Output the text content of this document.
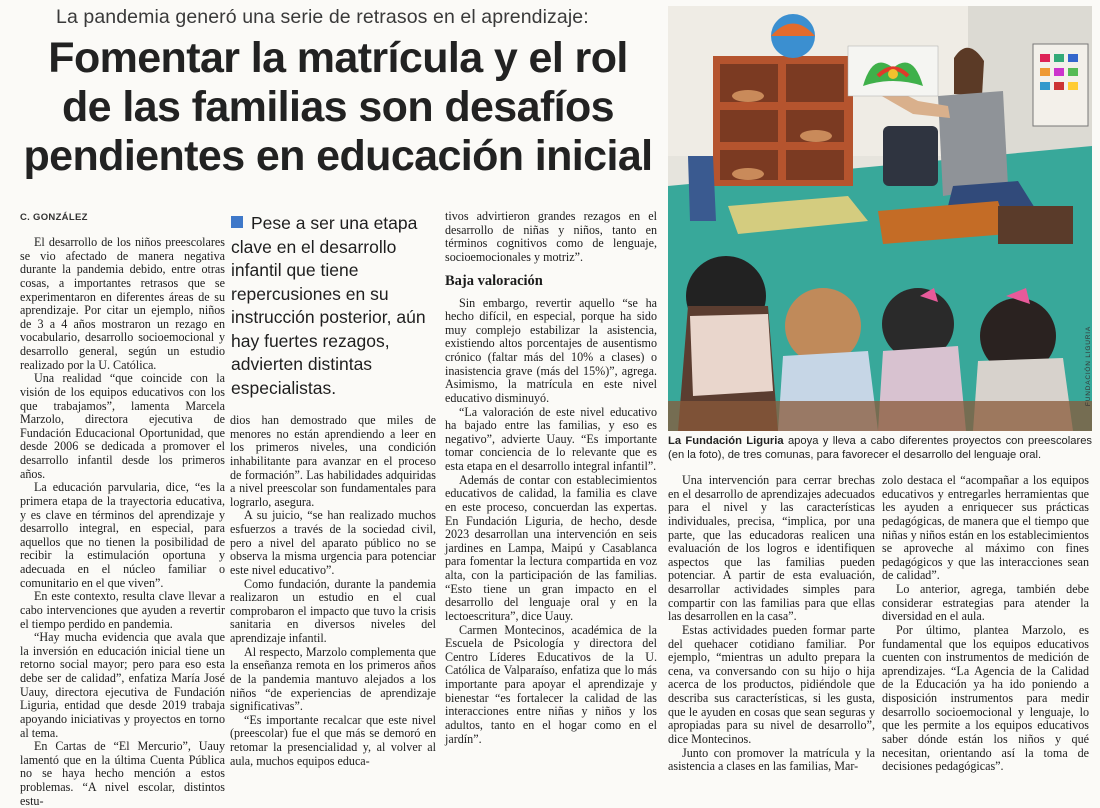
La pandemia generó una serie de retrasos en el aprendizaje:
Fomentar la matrícula y el rol
de las familias son desafíos
pendientes en educación inicial
C. GONZÁLEZ

El desarrollo de los niños preescolares se vio afectado de manera negativa durante la pandemia debido, entre otras cosas, a importantes retrasos que se experimentaron en diferentes áreas de su aprendizaje. Por citar un ejemplo, niños de 3 a 4 años mostraron un rezago en vocabulario, desarrollo socioemocional y desarrollo general, según un estudio realizado por la U. Católica.

Una realidad “que coincide con la visión de los equipos educativos con los que trabajamos”, lamenta Marcela Marzolo, directora ejecutiva de Fundación Educacional Oportunidad, que desde 2006 se dedicada a promover el desarrollo infantil desde los primeros años.

La educación parvularia, dice, “es la primera etapa de la trayectoria educativa, y es clave en términos del aprendizaje y desarrollo integral, en especial, para aquellos que no tienen la posibilidad de recibir la estimulación oportuna y adecuada en el núcleo familiar o comunitario en el que viven”.

En este contexto, resulta clave llevar a cabo intervenciones que ayuden a revertir el tiempo perdido en pandemia.

“Hay mucha evidencia que avala que la inversión en educación inicial tiene un retorno social mayor; pero para eso esta debe ser de calidad”, enfatiza María José Uauy, directora ejecutiva de Fundación Liguria, entidad que desde 2019 trabaja apoyando iniciativas y proyectos en torno al tema.

En Cartas de “El Mercurio”, Uauy lamentó que en la última Cuenta Pública no se haya hecho mención a estos problemas. “A nivel escolar, distintos estu-

Pese a ser una etapa clave en el desarrollo infantil que tiene repercusiones en su instrucción posterior, aún hay fuertes rezagos, advierten distintas especialistas.

dios han demostrado que miles de menores no están aprendiendo a leer en los primeros niveles, una condición inhabilitante para avanzar en el proceso de formación”. Las habilidades adquiridas a nivel preescolar son fundamentales para lograrlo, asegura.

A su juicio, “se han realizado muchos esfuerzos a través de la sociedad civil, pero a nivel del aparato público no se observa la misma urgencia para potenciar este nivel educativo”.

Como fundación, durante la pandemia realizaron un estudio en el cual comprobaron el impacto que tuvo la crisis sanitaria en diversos niveles del aprendizaje infantil.

Al respecto, Marzolo complementa que la enseñanza remota en los primeros años de la pandemia mantuvo alejados a los niños “de experiencias de aprendizaje significativas”.

“Es importante recalcar que este nivel (preescolar) fue el que más se demoró en retomar la presencialidad y, al volver al aula, muchos equipos educa-

tivos advirtieron grandes rezagos en el desarrollo de niñas y niños, tanto en términos cognitivos como de lenguaje, socioemocionales y motriz”.

Baja valoración

Sin embargo, revertir aquello “se ha hecho difícil, en especial, porque ha sido muy complejo estabilizar la asistencia, existiendo altos porcentajes de ausentismo crónico (faltar más del 10% a clases) o inasistencia grave (más del 15%)”, agrega. Asimismo, la matrícula en este nivel educativo disminuyó.

“La valoración de este nivel educativo ha bajado entre las familias, y eso es negativo”, advierte Uauy. “Es importante tomar conciencia de lo relevante que es esta etapa en el desarrollo integral infantil”.

Además de contar con establecimientos educativos de calidad, la familia es clave en este proceso, concuerdan las expertas. En Fundación Liguria, de hecho, desde 2023 desarrollan una intervención en seis jardines en Lampa, Maipú y Casablanca para fomentar la lectura compartida en voz alta, con la participación de las familias. “Esto tiene un gran impacto en el desarrollo del lenguaje oral y en la lectoescritura”, dice Uauy.

Carmen Montecinos, académica de la Escuela de Psicología y directora del Centro Líderes Educativos de la U. Católica de Valparaíso, enfatiza que lo más importante para apoyar el aprendizaje y bienestar “es fortalecer la calidad de las interacciones entre niñas y niños y los adultos, tanto en el hogar como en el jardín”.

FUNDACIÓN LIGURIA
La Fundación Liguria apoya y lleva a cabo diferentes proyectos con preescolares (en la foto), de tres comunas, para favorecer el desarrollo del lenguaje oral.

Una intervención para cerrar brechas en el desarrollo de aprendizajes adecuados para el nivel y las características individuales, precisa, “implica, por una parte, que las educadoras realicen una evaluación de los logros e identifiquen aspectos que las familias pueden potenciar. A partir de esta evaluación, desarrollar actividades simples para compartir con las familias para que ellas las desarrollen en la casa”.

Estas actividades pueden formar parte del quehacer cotidiano familiar. Por ejemplo, “mientras un adulto prepara la cena, va conversando con su hijo o hija acerca de los productos, pidiéndole que describa sus características, si les gusta, que le ayuden en cosas que sean seguras y apropiadas para su nivel de desarrollo”, dice Montecinos.

Junto con promover la matrícula y la asistencia a clases en las familias, Mar-

zolo destaca el “acompañar a los equipos educativos y entregarles herramientas que les ayuden a enriquecer sus prácticas pedagógicas, de manera que el tiempo que niñas y niños están en los establecimientos se aproveche al máximo con fines pedagógicos y que las interacciones sean de calidad”.

Lo anterior, agrega, también debe considerar estrategias para atender la diversidad en el aula.

Por último, plantea Marzolo, es fundamental que los equipos educativos cuenten con instrumentos de medición de aprendizajes. “La Agencia de la Calidad de la Educación ya ha ido poniendo a disposición instrumentos para medir desarrollo socioemocional y lenguaje, lo que les permite a los equipos educativos saber dónde están los niños y qué necesitan, orientando así la toma de decisiones pedagógicas”.
